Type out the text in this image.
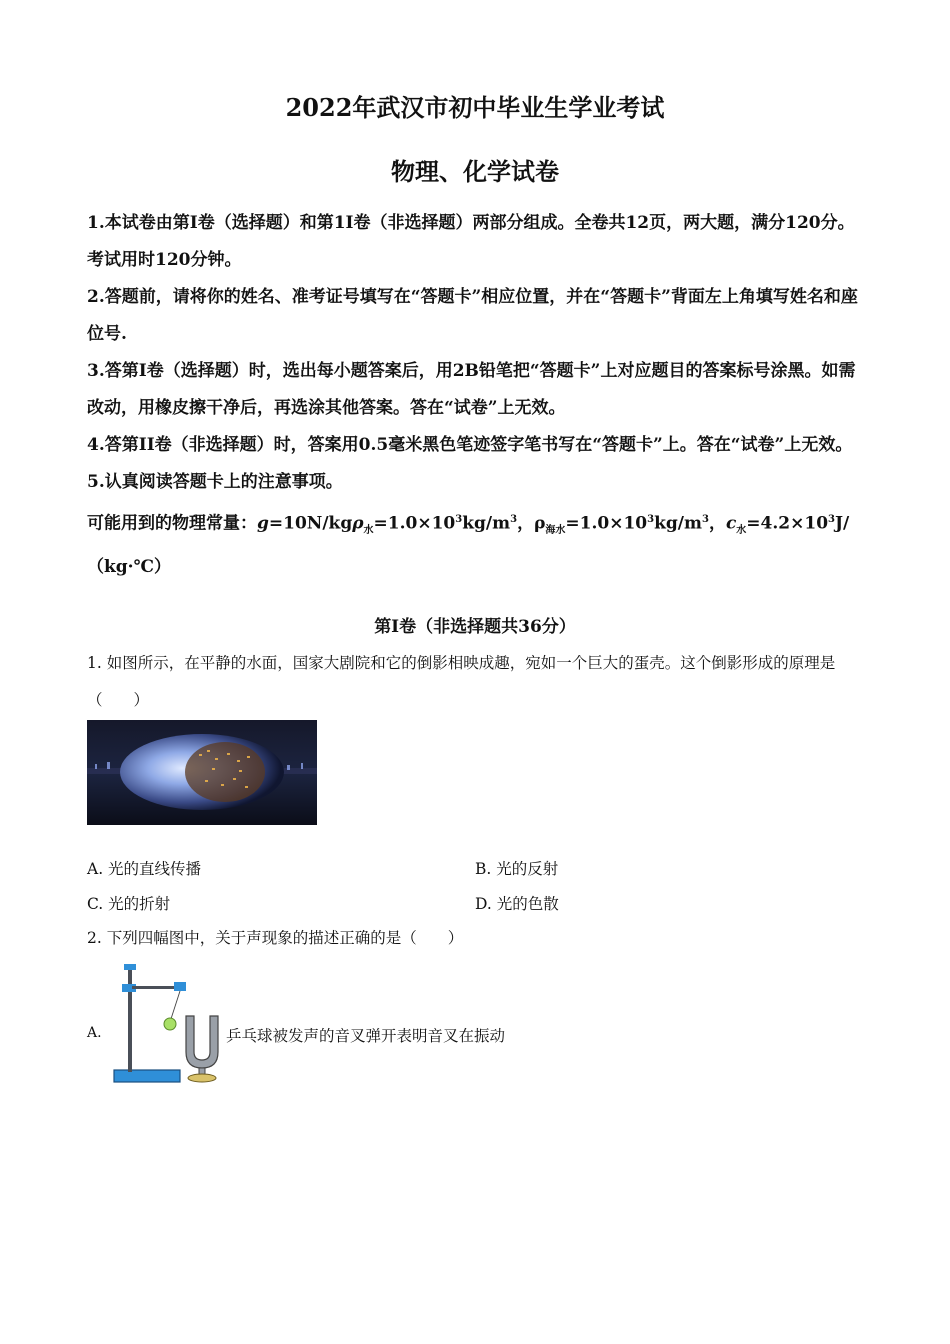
2022年武汉市初中毕业生学业考试
物理、化学试卷

1.本试卷由第I卷（选择题）和第1I卷（非选择题）两部分组成。全卷共12页，两大题，满分120分。考试用时120分钟。

2.答题前，请将你的姓名、准考证号填写在“答题卡”相应位置，并在“答题卡”背面左上角填写姓名和座位号.

3.答第I卷（选择题）时，选出每小题答案后，用2B铅笔把“答题卡”上对应题目的答案标号涂黑。如需改动，用橡皮擦干净后，再选涂其他答案。答在“试卷”上无效。

4.答第II卷（非选择题）时，答案用0.5毫米黑色笔迹签字笔书写在“答题卡”上。答在“试卷”上无效。

5.认真阅读答题卡上的注意事项。

可能用到的物理常量：$g=10N/kg\rho_水=1.0\times 10^3kg/m^3$，$\rho_{海水}=1.0\times 10^3kg/m^3$，$c_水=4.2\times 10^3J/(kg\cdot℃)$

第I卷（非选择题共36分）
1. 如图所示，在平静的水面，国家大剧院和它的倒影相映成趣，宛如一个巨大的蛋壳。这个倒影形成的原理是（　　）
A. 光的直线传播	B. 光的反射
C. 光的折射	D. 光的色散
2. 下列四幅图中，关于声现象的描述正确的是（　　）
A.	乒乓球被发声的音叉弹开表明音叉在振动
